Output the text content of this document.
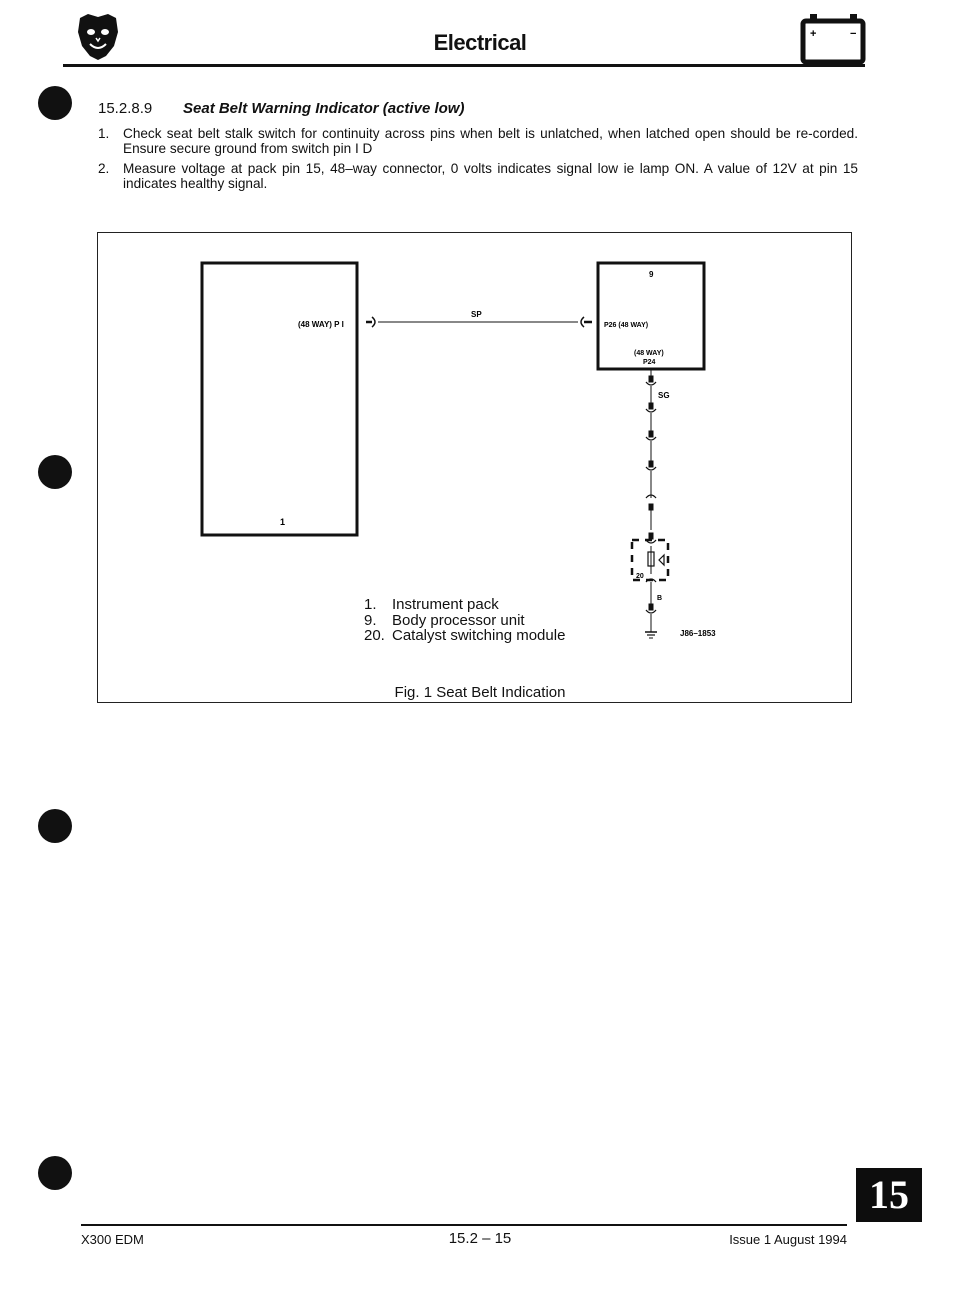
Electrical	+	−
15.2.8.9 Seat Belt Warning Indicator (active low)
1. Check seat belt stalk switch for continuity across pins when belt is unlatched, when latched open should be re-corded. Ensure secure ground from switch pin I D
2. Measure voltage at pack pin 15, 48–way connector, 0 volts indicates signal low ie lamp ON. A value of 12V at pin 15 indicates healthy signal.
(48 WAY) P I
1
SP
9
P26 (48 WAY)
(48 WAY)
P24
SG
20
B
J86–1853
1. Instrument pack
9. Body processor unit
20. Catalyst switching module
Fig. 1 Seat Belt Indication
15
X300 EDM	15.2 – 15	Issue 1 August 1994
